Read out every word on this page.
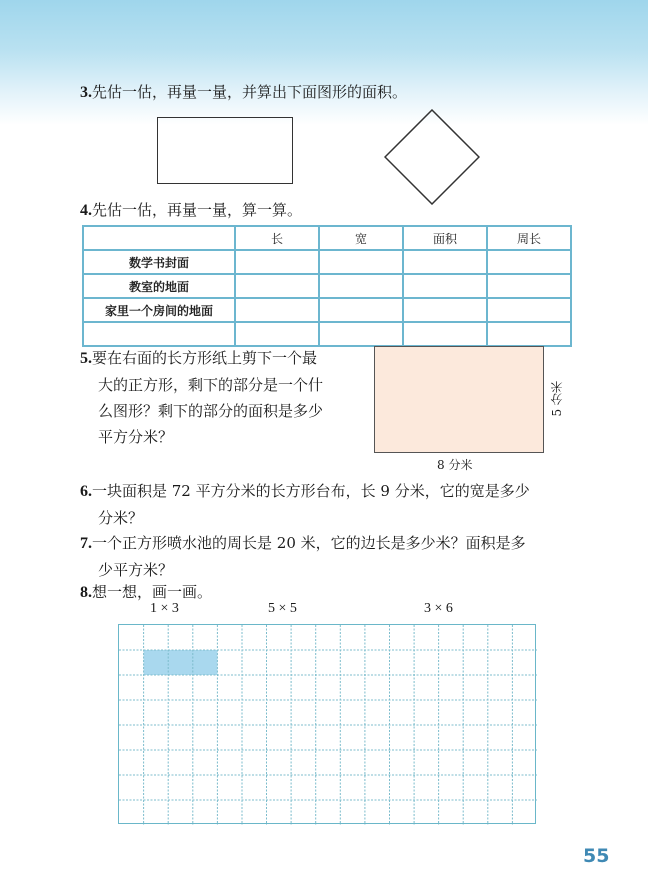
3.先估一估，再量一量，并算出下面图形的面积。
4.先估一估，再量一量，算一算。
	长	宽	面积	周长
数学书封面				
教室的地面				
家里一个房间的地面				

5.要在右面的长方形纸上剪下一个最
大的正方形，剩下的部分是一个什
么图形？剩下的部分的面积是多少
平方分米？
8 分米
5 分米
6.一块面积是 72 平方分米的长方形台布，长 9 分米，它的宽是多少
分米？
7.一个正方形喷水池的周长是 20 米，它的边长是多少米？面积是多
少平方米？
8.想一想，画一画。
1 × 3	5 × 5	3 × 6
55
